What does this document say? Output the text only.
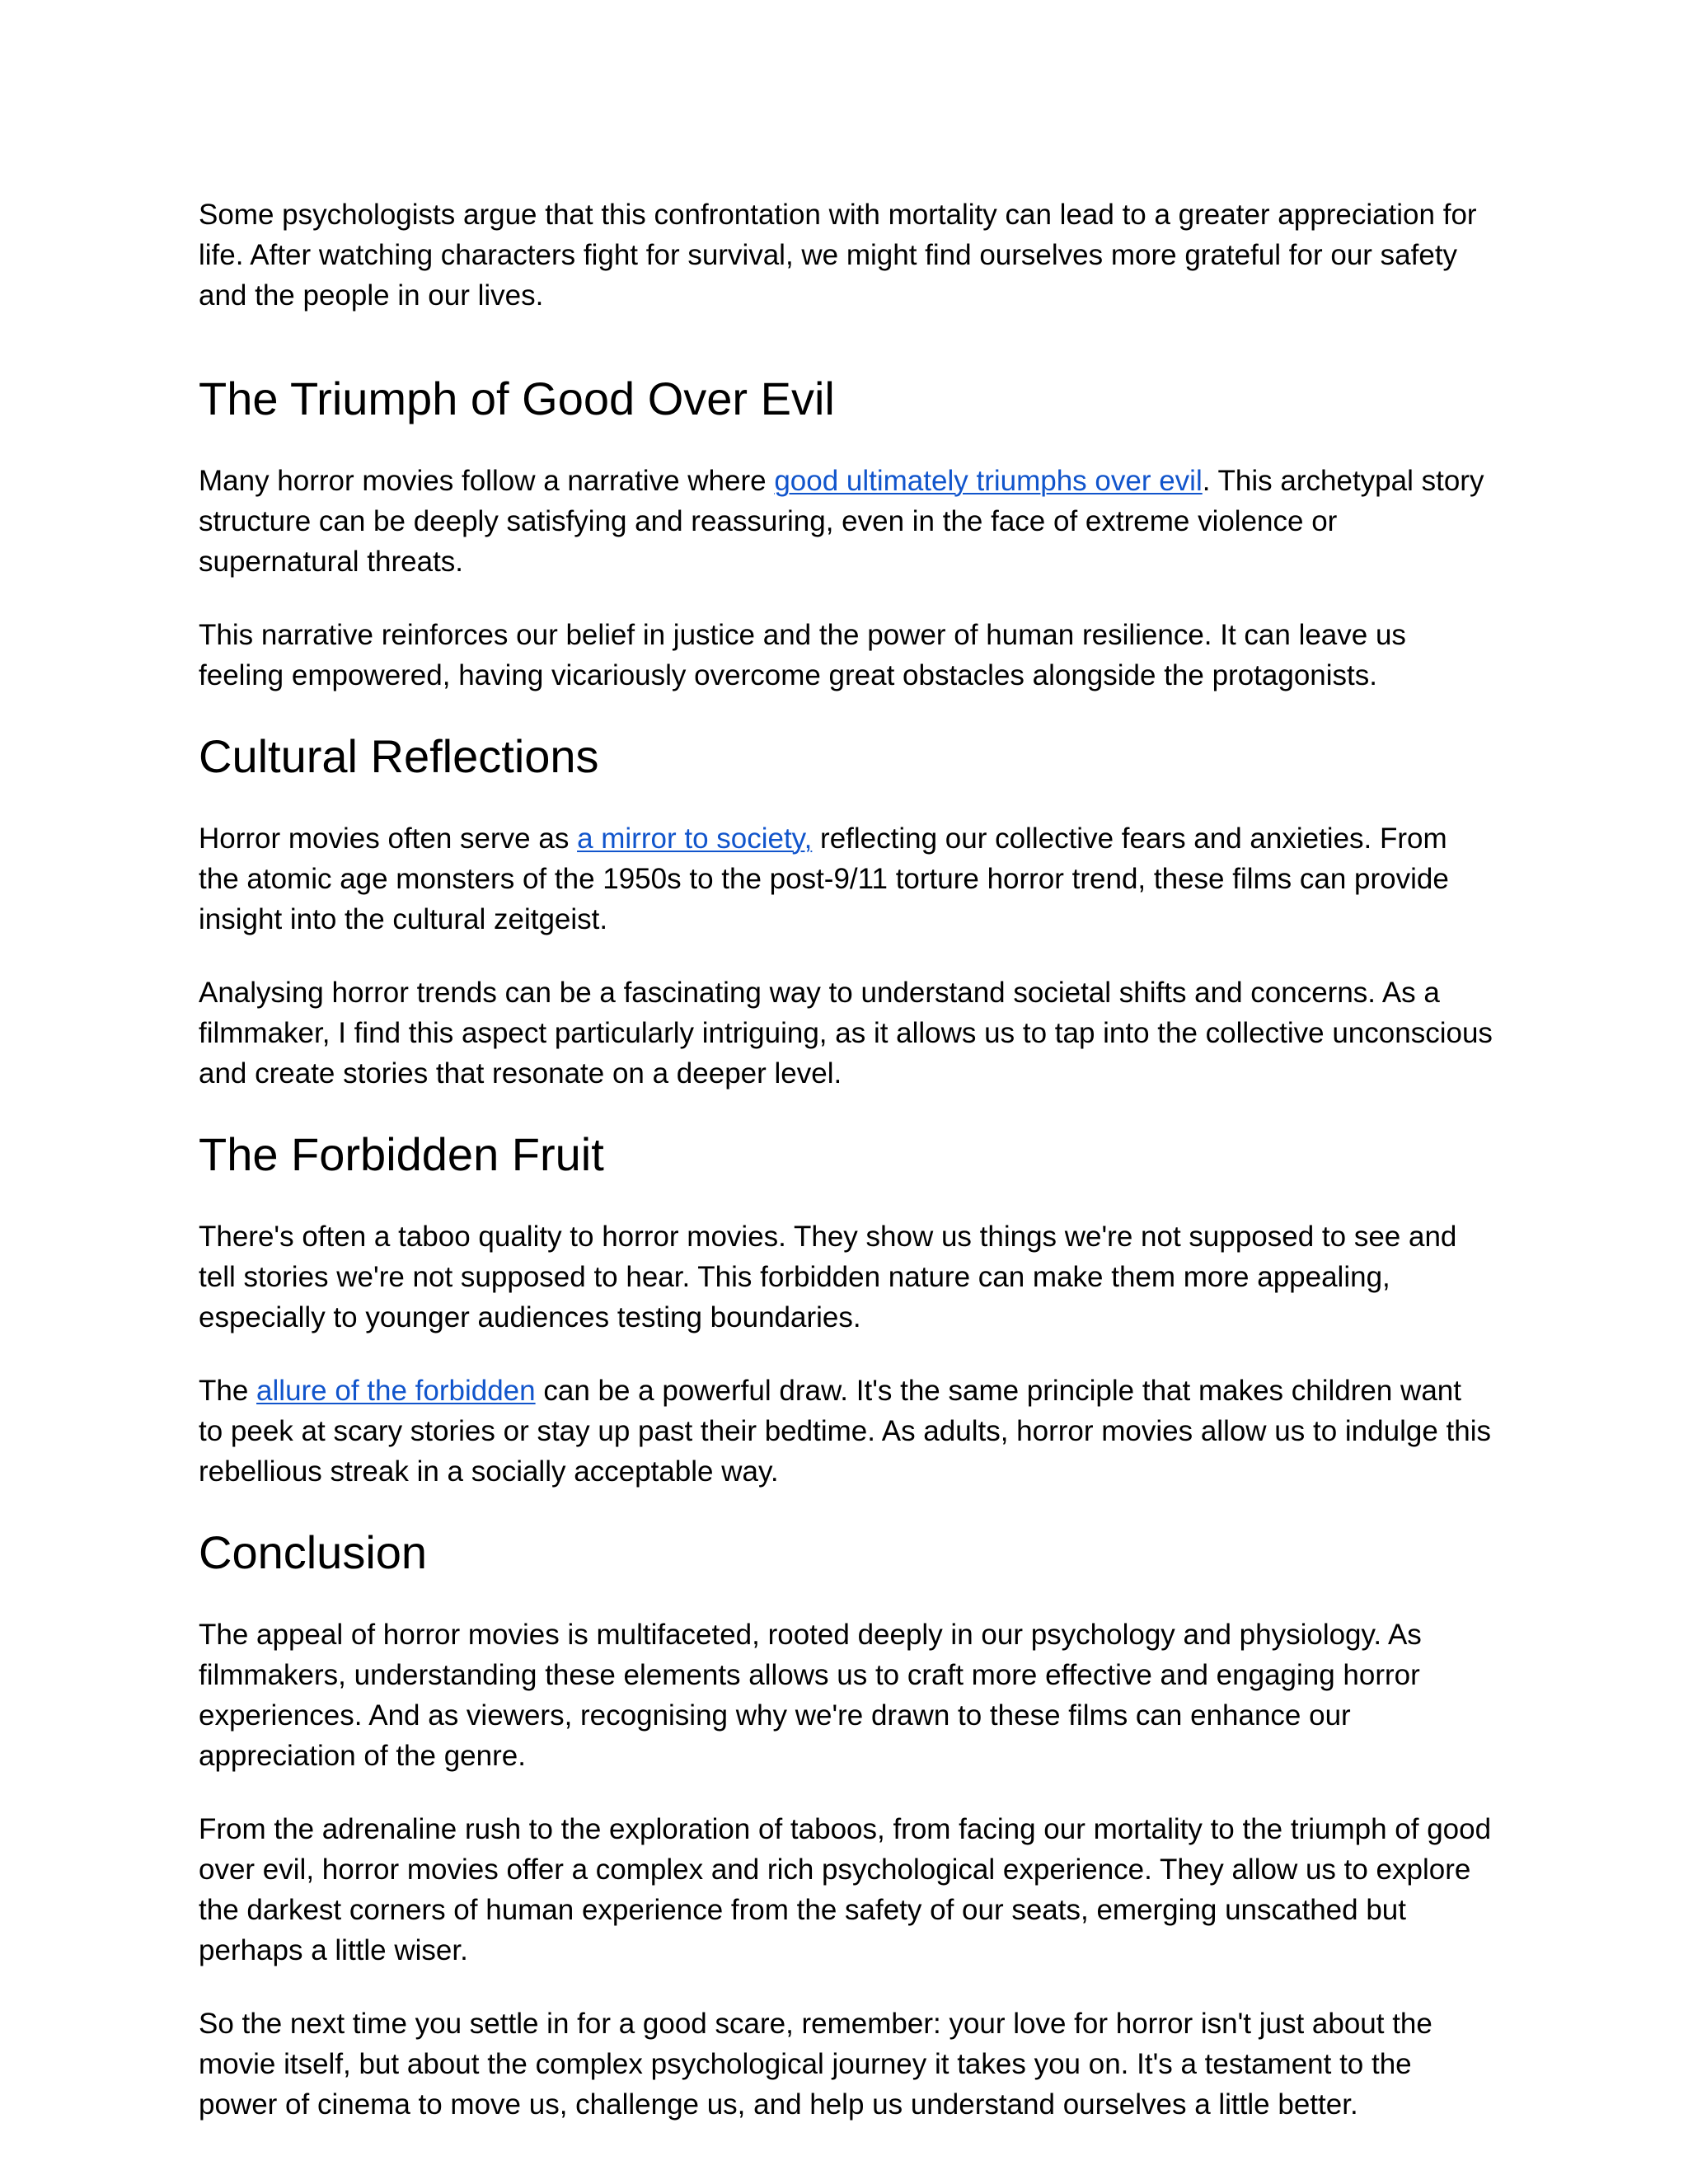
Some psychologists argue that this confrontation with mortality can lead to a greater appreciation for life. After watching characters fight for survival, we might find ourselves more grateful for our safety and the people in our lives.

The Triumph of Good Over Evil

Many horror movies follow a narrative where good ultimately triumphs over evil. This archetypal story structure can be deeply satisfying and reassuring, even in the face of extreme violence or supernatural threats.

This narrative reinforces our belief in justice and the power of human resilience. It can leave us feeling empowered, having vicariously overcome great obstacles alongside the protagonists.

Cultural Reflections

Horror movies often serve as a mirror to society, reflecting our collective fears and anxieties. From the atomic age monsters of the 1950s to the post-9/11 torture horror trend, these films can provide insight into the cultural zeitgeist.

Analysing horror trends can be a fascinating way to understand societal shifts and concerns. As a filmmaker, I find this aspect particularly intriguing, as it allows us to tap into the collective unconscious and create stories that resonate on a deeper level.

The Forbidden Fruit

There's often a taboo quality to horror movies. They show us things we're not supposed to see and tell stories we're not supposed to hear. This forbidden nature can make them more appealing, especially to younger audiences testing boundaries.

The allure of the forbidden can be a powerful draw. It's the same principle that makes children want to peek at scary stories or stay up past their bedtime. As adults, horror movies allow us to indulge this rebellious streak in a socially acceptable way.

Conclusion

The appeal of horror movies is multifaceted, rooted deeply in our psychology and physiology. As filmmakers, understanding these elements allows us to craft more effective and engaging horror experiences. And as viewers, recognising why we're drawn to these films can enhance our appreciation of the genre.

From the adrenaline rush to the exploration of taboos, from facing our mortality to the triumph of good over evil, horror movies offer a complex and rich psychological experience. They allow us to explore the darkest corners of human experience from the safety of our seats, emerging unscathed but perhaps a little wiser.

So the next time you settle in for a good scare, remember: your love for horror isn't just about the movie itself, but about the complex psychological journey it takes you on. It's a testament to the power of cinema to move us, challenge us, and help us understand ourselves a little better.
